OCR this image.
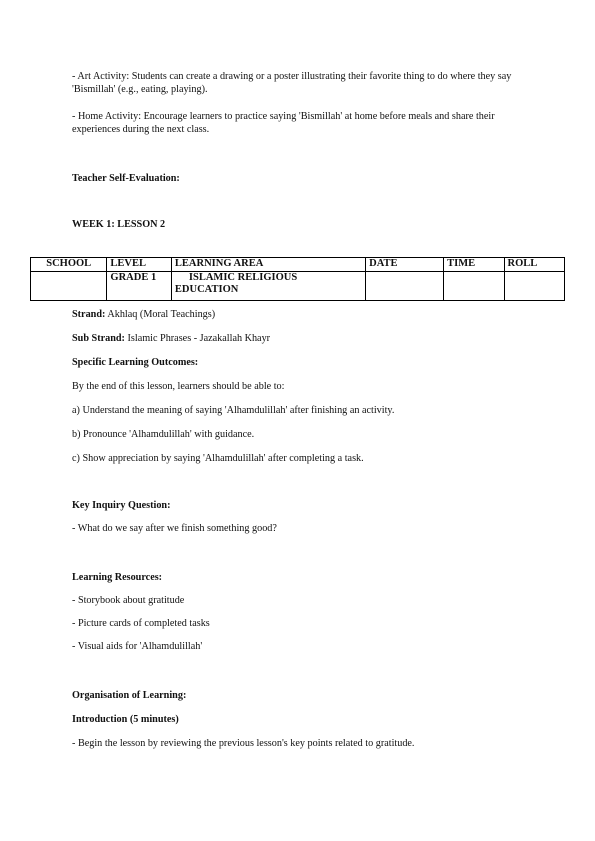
- Art Activity: Students can create a drawing or a poster illustrating their favorite thing to do where they say 'Bismillah' (e.g., eating, playing).
- Home Activity: Encourage learners to practice saying 'Bismillah' at home before meals and share their experiences during the next class.
Teacher Self-Evaluation:
WEEK 1: LESSON 2
SCHOOL	LEVEL	LEARNING AREA	DATE	TIME	ROLL
	GRADE 1	ISLAMIC RELIGIOUS
EDUCATION			

Strand: Akhlaq (Moral Teachings)
Sub Strand: Islamic Phrases - Jazakallah Khayr
Specific Learning Outcomes:
By the end of this lesson, learners should be able to:
a) Understand the meaning of saying 'Alhamdulillah' after finishing an activity.
b) Pronounce 'Alhamdulillah' with guidance.
c) Show appreciation by saying 'Alhamdulillah' after completing a task.
Key Inquiry Question:
- What do we say after we finish something good?
Learning Resources:
- Storybook about gratitude
- Picture cards of completed tasks
- Visual aids for 'Alhamdulillah'
Organisation of Learning:
Introduction (5 minutes)
- Begin the lesson by reviewing the previous lesson's key points related to gratitude.
